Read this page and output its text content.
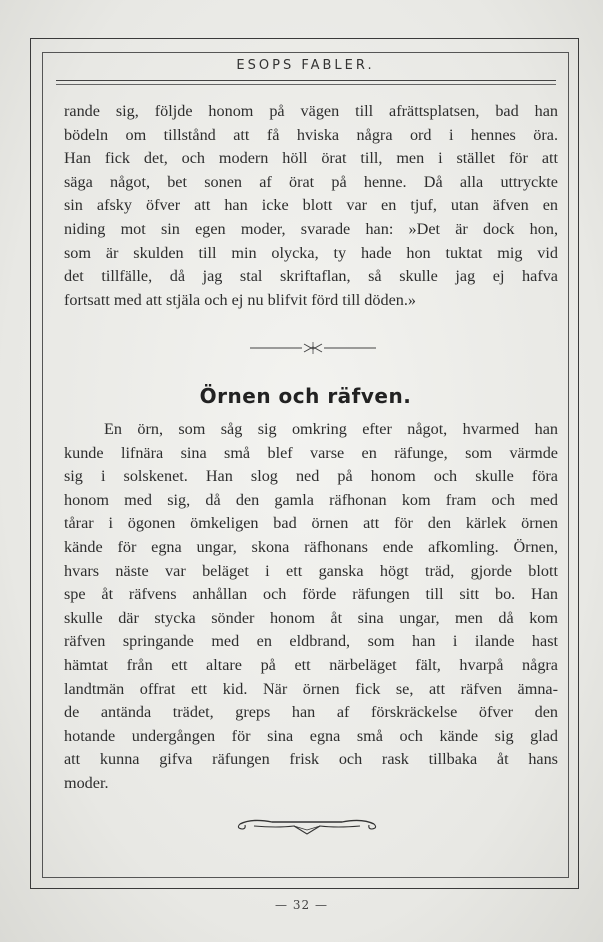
ESOPS FABLER.
rande sig, följde honom på vägen till afrättsplatsen, bad han
bödeln om tillstånd att få hviska några ord i hennes öra.
Han fick det, och modern höll örat till, men i stället för att
säga något, bet sonen af örat på henne. Då alla uttryckte
sin afsky öfver att han icke blott var en tjuf, utan äfven en
niding mot sin egen moder, svarade han: »Det är dock hon,
som är skulden till min olycka, ty hade hon tuktat mig vid
det tillfälle, då jag stal skriftaflan, så skulle jag ej hafva
fortsatt med att stjäla och ej nu blifvit förd till döden.»
Örnen och räfven.
En örn, som såg sig omkring efter något, hvarmed han
kunde lifnära sina små blef varse en räfunge, som värmde
sig i solskenet. Han slog ned på honom och skulle föra
honom med sig, då den gamla räfhonan kom fram och med
tårar i ögonen ömkeligen bad örnen att för den kärlek örnen
kände för egna ungar, skona räfhonans ende afkomling. Örnen,
hvars näste var beläget i ett ganska högt träd, gjorde blott
spe åt räfvens anhållan och förde räfungen till sitt bo. Han
skulle där stycka sönder honom åt sina ungar, men då kom
räfven springande med en eldbrand, som han i ilande hast
hämtat från ett altare på ett närbeläget fält, hvarpå några
landtmän offrat ett kid. När örnen fick se, att räfven ämna-
de antända trädet, greps han af förskräckelse öfver den
hotande undergången för sina egna små och kände sig glad
att kunna gifva räfungen frisk och rask tillbaka åt hans
moder.
— 32 —
